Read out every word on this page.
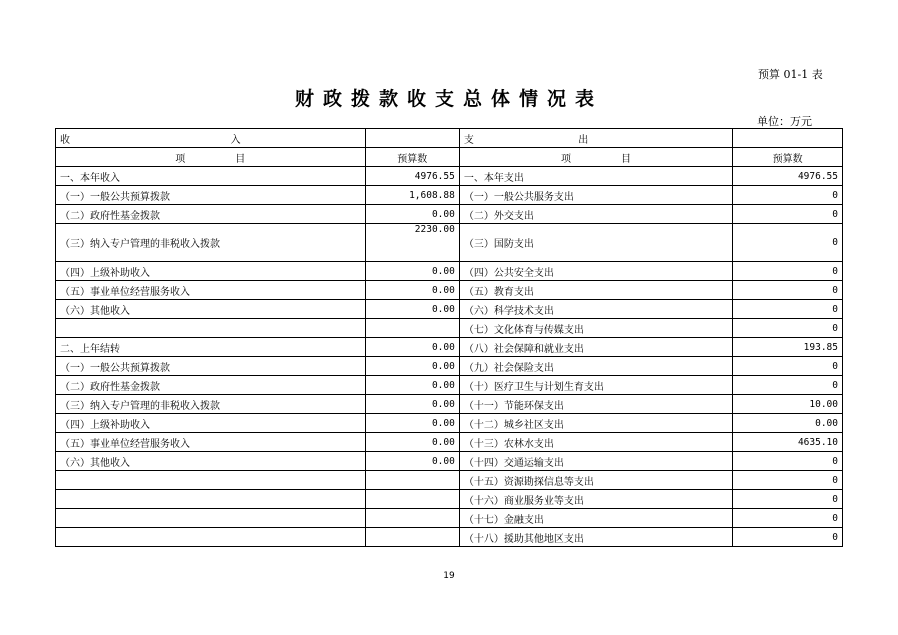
预算 01-1 表
财政拨款收支总体情况表
单位：万元
收 入		支 出	

项 目	预算数	项 目	预算数
一、本年收入	4976.55	一、本年支出	4976.55
（一）一般公共预算拨款	1,608.88	（一）一般公共服务支出	0
（二）政府性基金拨款	0.00	（二）外交支出	0
（三）纳入专户管理的非税收入拨款	2230.00	（三）国防支出	0
（四）上级补助收入	0.00	（四）公共安全支出	0
（五）事业单位经营服务收入	0.00	（五）教育支出	0
（六）其他收入	0.00	（六）科学技术支出	0
		（七）文化体育与传媒支出	0
二、上年结转	0.00	（八）社会保障和就业支出	193.85
（一）一般公共预算拨款	0.00	（九）社会保险支出	0
（二）政府性基金拨款	0.00	（十）医疗卫生与计划生育支出	0
（三）纳入专户管理的非税收入拨款	0.00	（十一）节能环保支出	10.00
（四）上级补助收入	0.00	（十二）城乡社区支出	0.00
（五）事业单位经营服务收入	0.00	（十三）农林水支出	4635.10
（六）其他收入	0.00	（十四）交通运输支出	0
		（十五）资源勘探信息等支出	0
		（十六）商业服务业等支出	0
		（十七）金融支出	0
		（十八）援助其他地区支出	0
19
